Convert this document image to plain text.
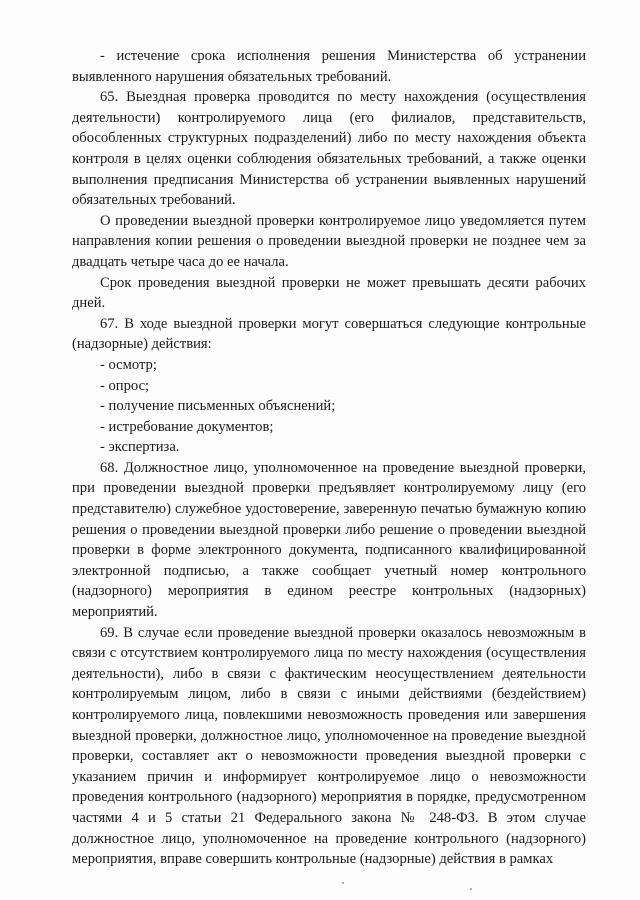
- истечение срока исполнения решения Министерства об устранении выявленного нарушения обязательных требований.

65. Выездная проверка проводится по месту нахождения (осуществления деятельности) контролируемого лица (его филиалов, представительств, обособленных структурных подразделений) либо по месту нахождения объекта контроля в целях оценки соблюдения обязательных требований, а также оценки выполнения предписания Министерства об устранении выявленных нарушений обязательных требований.

О проведении выездной проверки контролируемое лицо уведомляется путем направления копии решения о проведении выездной проверки не позднее чем за двадцать четыре часа до ее начала.

Срок проведения выездной проверки не может превышать десяти рабочих дней.

67. В ходе выездной проверки могут совершаться следующие контрольные (надзорные) действия:

- осмотр;

- опрос;

- получение письменных объяснений;

- истребование документов;

- экспертиза.

68. Должностное лицо, уполномоченное на проведение выездной проверки, при проведении выездной проверки предъявляет контролируемому лицу (его представителю) служебное удостоверение, заверенную печатью бумажную копию решения о проведении выездной проверки либо решение о проведении выездной проверки в форме электронного документа, подписанного квалифицированной электронной подписью, а также сообщает учетный номер контрольного (надзорного) мероприятия в едином реестре контрольных (надзорных) мероприятий.

69. В случае если проведение выездной проверки оказалось невозможным в связи с отсутствием контролируемого лица по месту нахождения (осуществления деятельности), либо в связи с фактическим неосуществлением деятельности контролируемым лицом, либо в связи с иными действиями (бездействием) контролируемого лица, повлекшими невозможность проведения или завершения выездной проверки, должностное лицо, уполномоченное на проведение выездной проверки, составляет акт о невозможности проведения выездной проверки с указанием причин и информирует контролируемое лицо о невозможности проведения контрольного (надзорного) мероприятия в порядке, предусмотренном частями 4 и 5 статьи 21 Федерального закона № 248-ФЗ. В этом случае должностное лицо, уполномоченное на проведение контрольного (надзорного) мероприятия, вправе совершить контрольные (надзорные) действия в рамках
